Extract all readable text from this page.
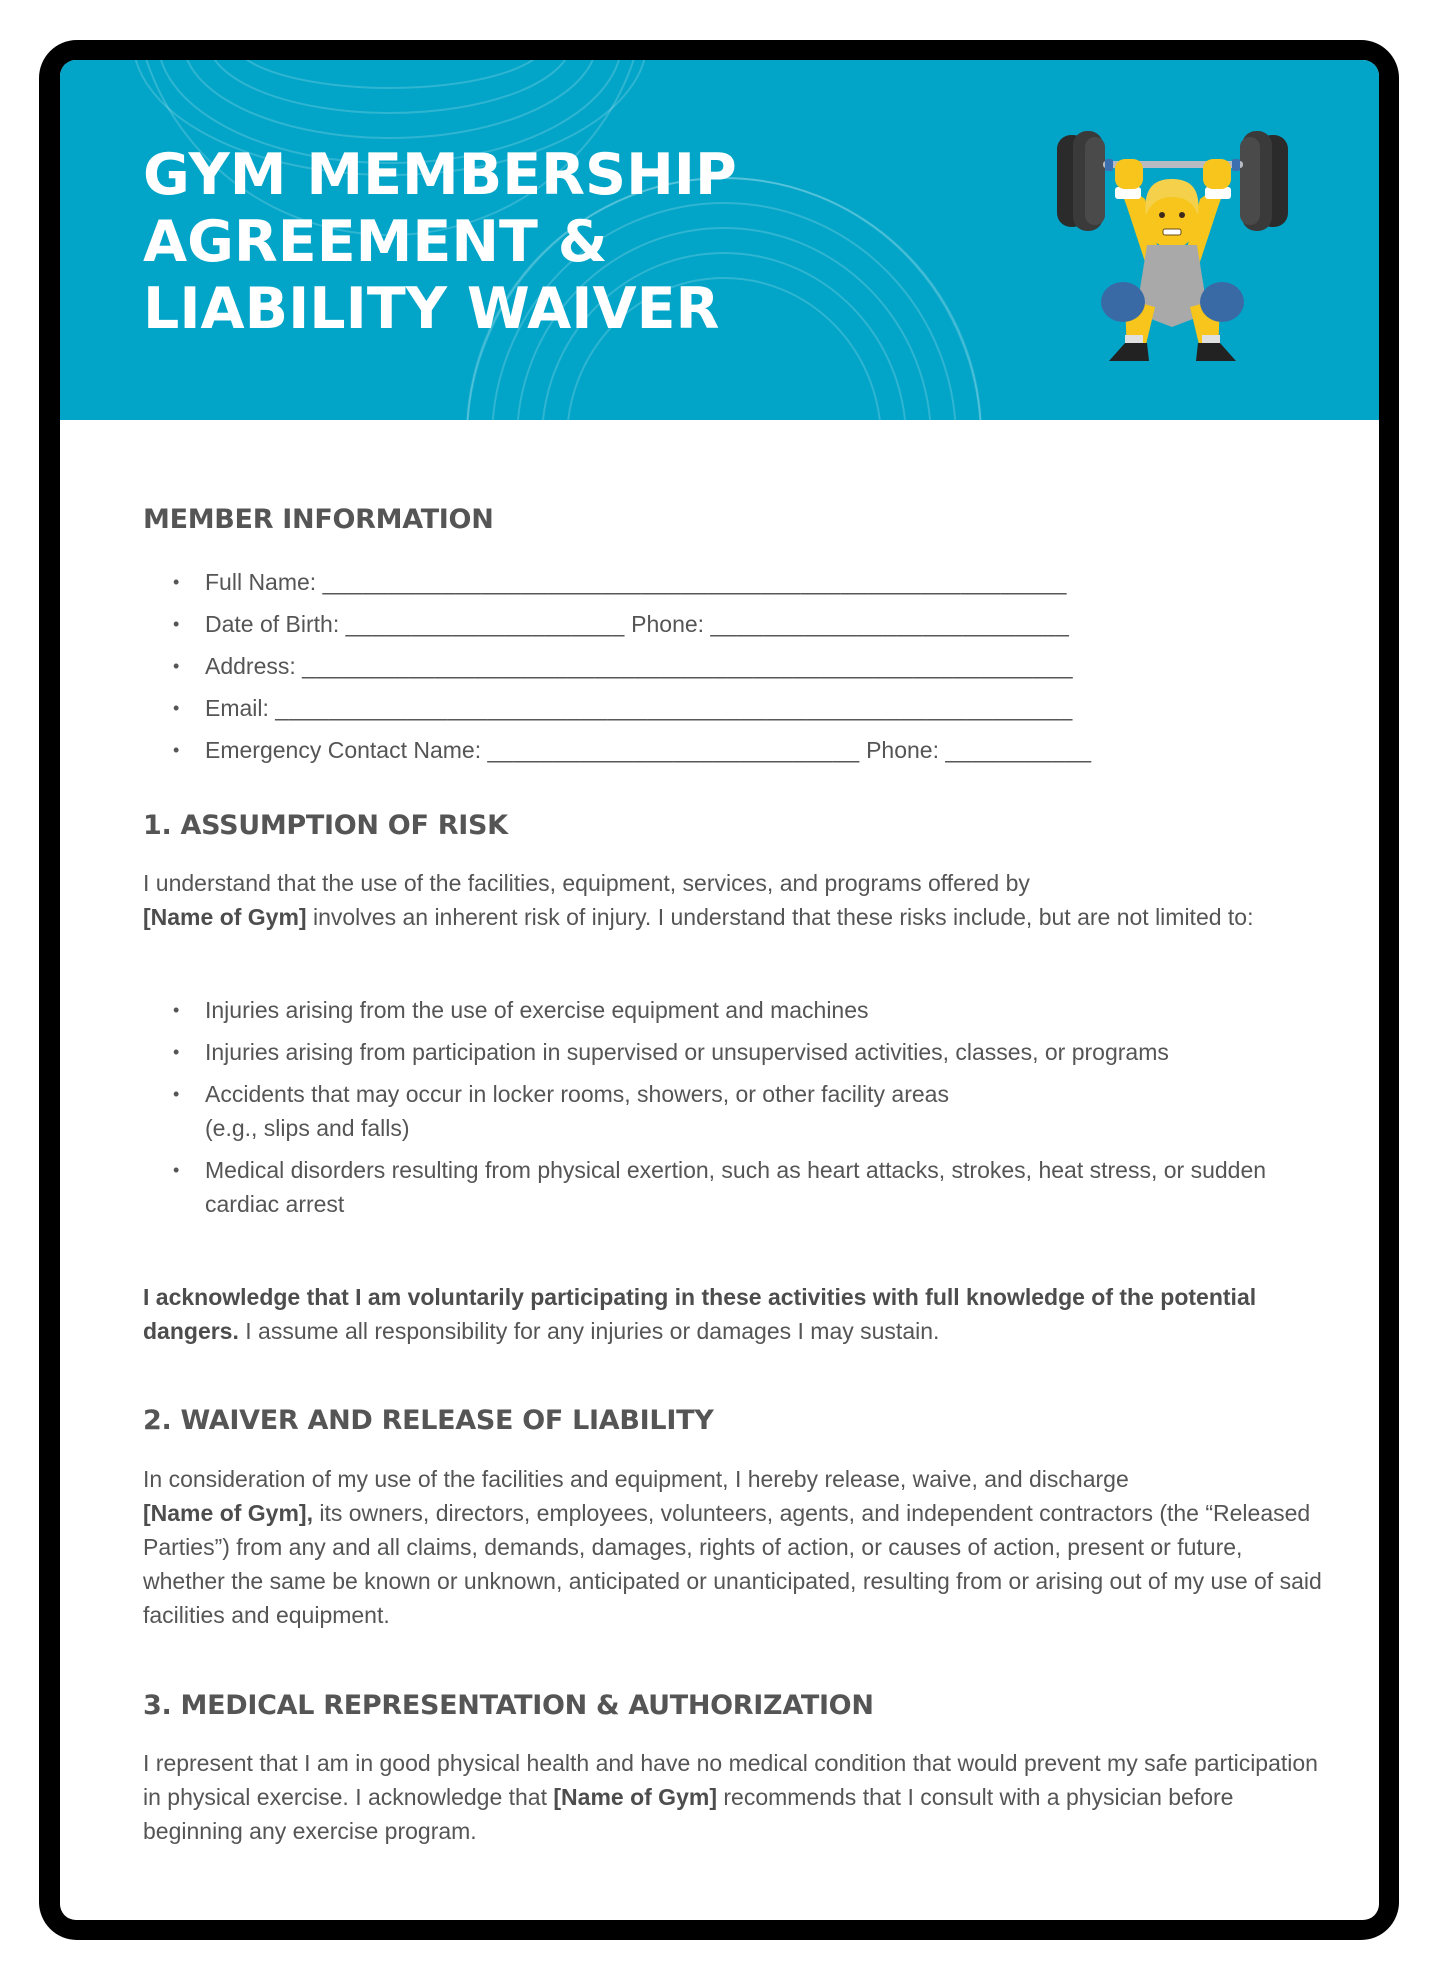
GYM MEMBERSHIP
AGREEMENT &
LIABILITY WAIVER
MEMBER INFORMATION
• Full Name: ________________________________________________________
• Date of Birth: _____________________ Phone: ___________________________
• Address: __________________________________________________________
• Email: ____________________________________________________________
• Emergency Contact Name: ____________________________ Phone: ___________
1. ASSUMPTION OF RISK

I understand that the use of the facilities, equipment, services, and programs offered by
[Name of Gym] involves an inherent risk of injury. I understand that these risks include, but are not limited to:

• Injuries arising from the use of exercise equipment and machines
• Injuries arising from participation in supervised or unsupervised activities, classes, or programs
• Accidents that may occur in locker rooms, showers, or other facility areas
(e.g., slips and falls)
• Medical disorders resulting from physical exertion, such as heart attacks, strokes, heat stress, or sudden cardiac arrest

I acknowledge that I am voluntarily participating in these activities with full knowledge of the potential dangers. I assume all responsibility for any injuries or damages I may sustain.

2. WAIVER AND RELEASE OF LIABILITY

In consideration of my use of the facilities and equipment, I hereby release, waive, and discharge
[Name of Gym], its owners, directors, employees, volunteers, agents, and independent contractors (the “Released Parties”) from any and all claims, demands, damages, rights of action, or causes of action, present or future, whether the same be known or unknown, anticipated or unanticipated, resulting from or arising out of my use of said facilities and equipment.

3. MEDICAL REPRESENTATION & AUTHORIZATION

I represent that I am in good physical health and have no medical condition that would prevent my safe participation in physical exercise. I acknowledge that [Name of Gym] recommends that I consult with a physician before beginning any exercise program.
